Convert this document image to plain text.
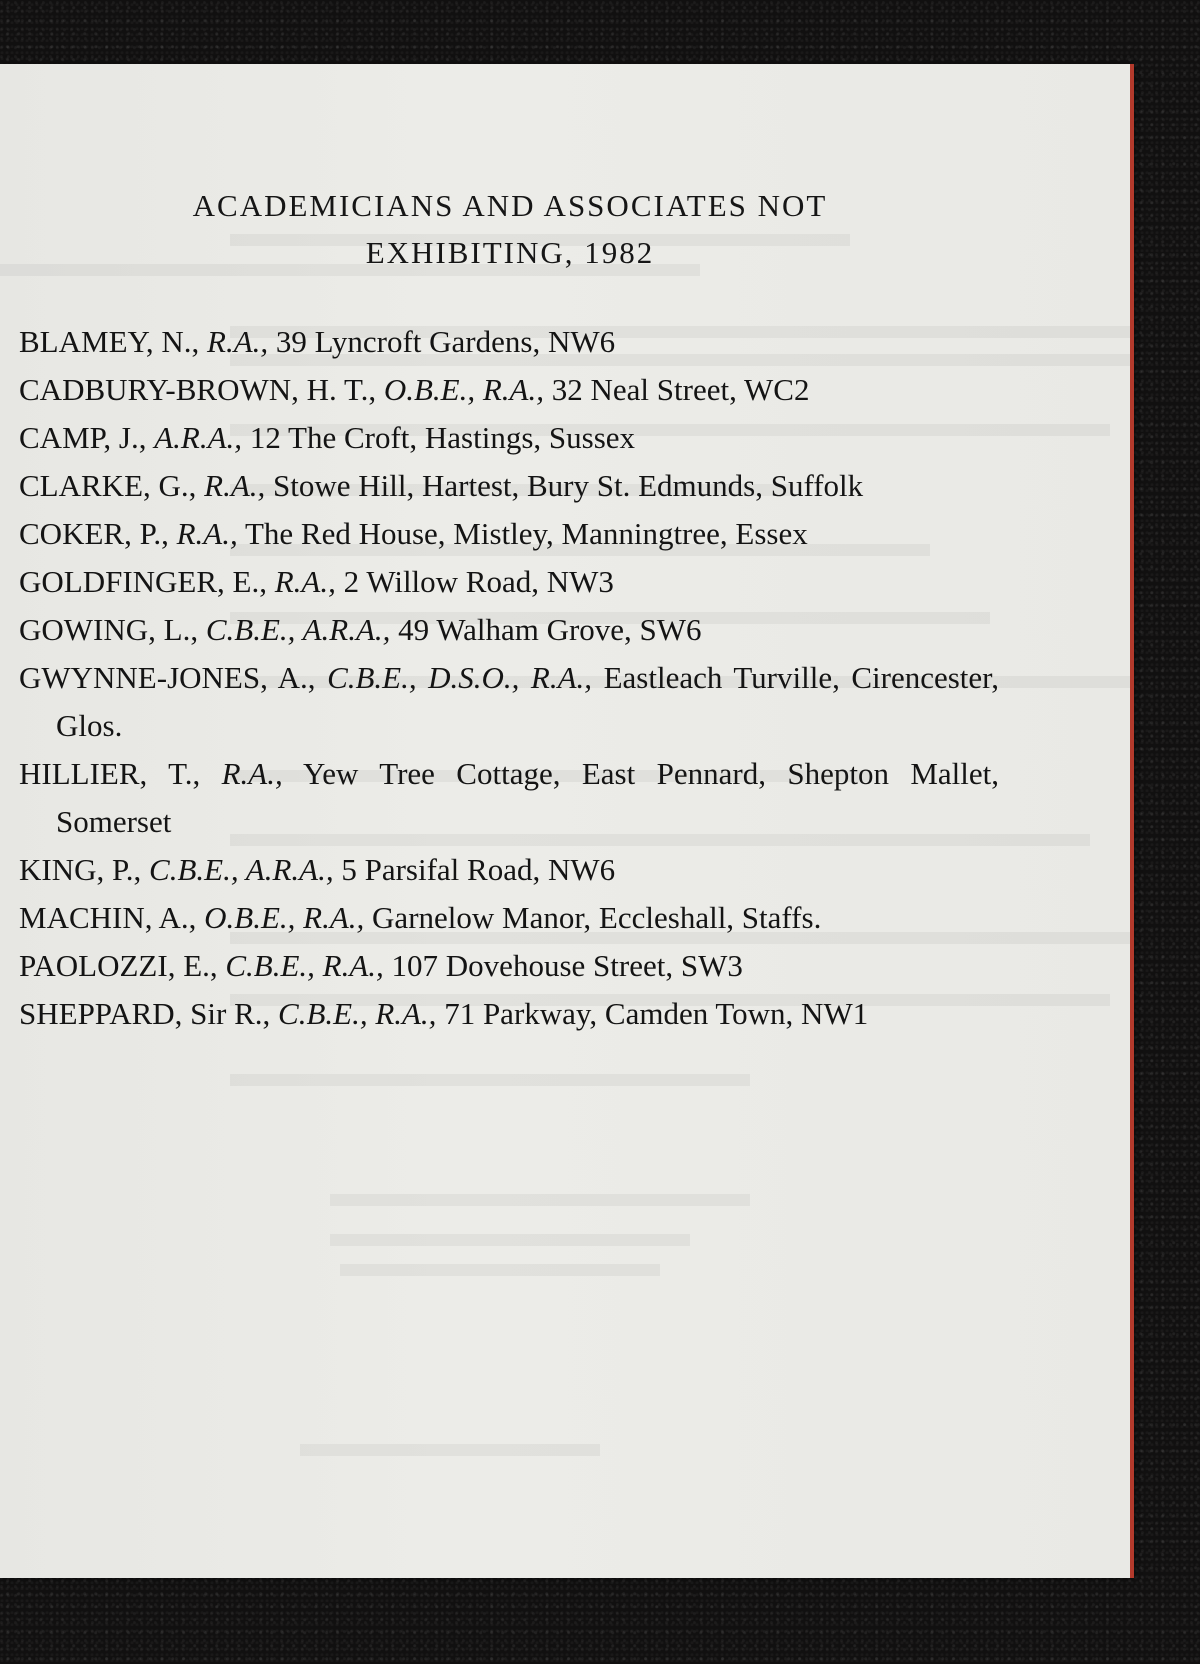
ACADEMICIANS AND ASSOCIATES NOT
EXHIBITING, 1982
BLAMEY, N., R.A., 39 Lyncroft Gardens, NW6
CADBURY-BROWN, H. T., O.B.E., R.A., 32 Neal Street, WC2
CAMP, J., A.R.A., 12 The Croft, Hastings, Sussex
CLARKE, G., R.A., Stowe Hill, Hartest, Bury St. Edmunds, Suffolk
COKER, P., R.A., The Red House, Mistley, Manningtree, Essex
GOLDFINGER, E., R.A., 2 Willow Road, NW3
GOWING, L., C.B.E., A.R.A., 49 Walham Grove, SW6
GWYNNE-JONES, A., C.B.E., D.S.O., R.A., Eastleach Turville, Cirencester, Glos.
HILLIER, T., R.A., Yew Tree Cottage, East Pennard, Shepton Mallet, Somerset
KING, P., C.B.E., A.R.A., 5 Parsifal Road, NW6
MACHIN, A., O.B.E., R.A., Garnelow Manor, Eccleshall, Staffs.
PAOLOZZI, E., C.B.E., R.A., 107 Dovehouse Street, SW3
SHEPPARD, Sir R., C.B.E., R.A., 71 Parkway, Camden Town, NW1
